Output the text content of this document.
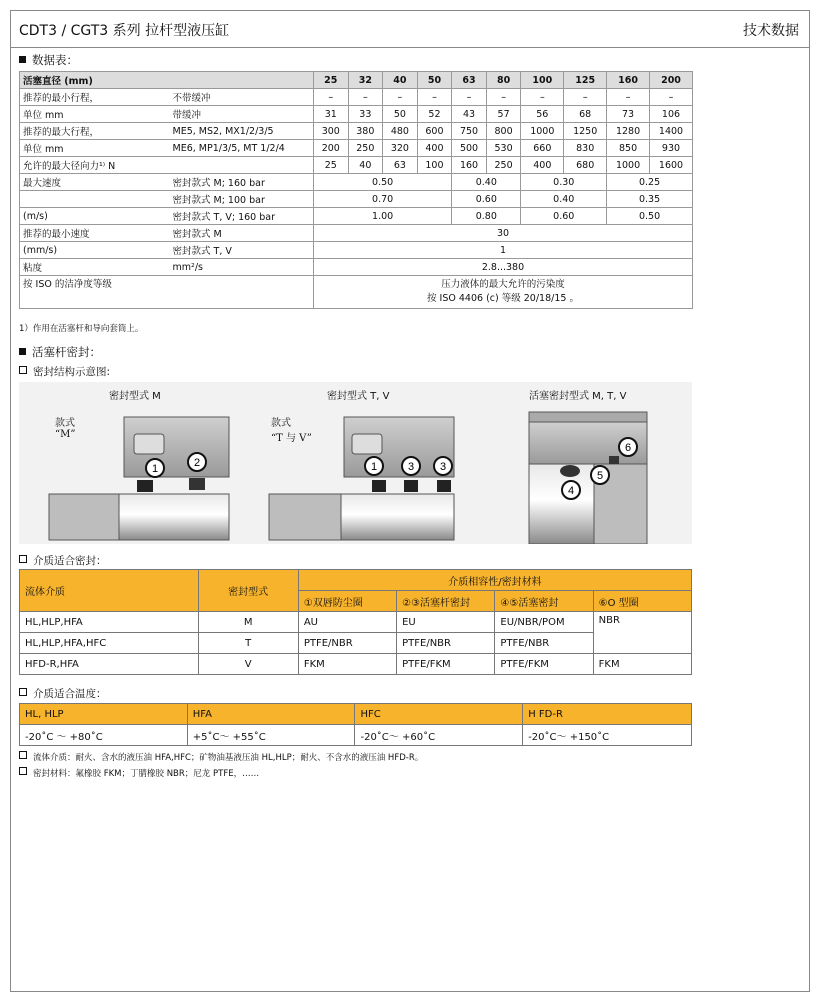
CDT3 / CGT3 系列 拉杆型液压缸	技术数据
数据表：
活塞直径 (mm)		25	32	40	50	63	80	100	125	160	200
推荐的最小行程，	不带缓冲	–	–	–	–	–	–	–	–	–	–
单位 mm	带缓冲	31	33	50	52	43	57	56	68	73	106
推荐的最大行程，	ME5, MS2, MX1/2/3/5	300	380	480	600	750	800	1000	1250	1280	1400
单位 mm	ME6, MP1/3/5, MT 1/2/4	200	250	320	400	500	530	660	830	850	930
允许的最大径向力¹⁾ N		25	40	63	100	160	250	400	680	1000	1600
最大速度	密封款式 M; 160 bar	0.50				0.40		0.30		0.25	
	密封款式 M; 100 bar	0.70				0.60		0.40		0.35	
(m/s)	密封款式 T, V; 160 bar	1.00				0.80		0.60		0.50	
推荐的最小速度	密封款式 M	30									
(mm/s)	密封款式 T, V	1									
粘度	mm²/s	2.8...380									
按 ISO 的洁净度等级		压力液体的最大允许的污染度
按 ISO 4406 (c) 等级 20/18/15 。									
1）作用在活塞杆和导向套筒上。
活塞杆密封：
密封结构示意图:
密封型式 M	密封型式 T, V	活塞密封型式 M, T, V
款式
“M”
款式
“T 与 V”
1	2	1	3 3
4
5
6
介质适合密封：
流体介质	密封型式	介质相容性/密封材料			
		①双唇防尘圈	②③活塞杆密封	④⑤活塞密封	⑥O 型圈
HL,HLP,HFA	M	AU	EU	EU/NBR/POM	NBR
HL,HLP,HFA,HFC	T	PTFE/NBR	PTFE/NBR	PTFE/NBR	
HFD-R,HFA	V	FKM	PTFE/FKM	PTFE/FKM	FKM
介质适合温度：
HL, HLP	HFA	HFC	H FD-R
-20˚C ～ +80˚C	+5˚C～ +55˚C	-20˚C～ +60˚C	-20˚C～ +150˚C
流体介质：耐火、含水的液压油 HFA,HFC；矿物油基液压油 HL,HLP；耐火、不含水的液压油 HFD-R。
密封材料：氟橡胶 FKM；丁腈橡胶 NBR；尼龙 PTFE，……
